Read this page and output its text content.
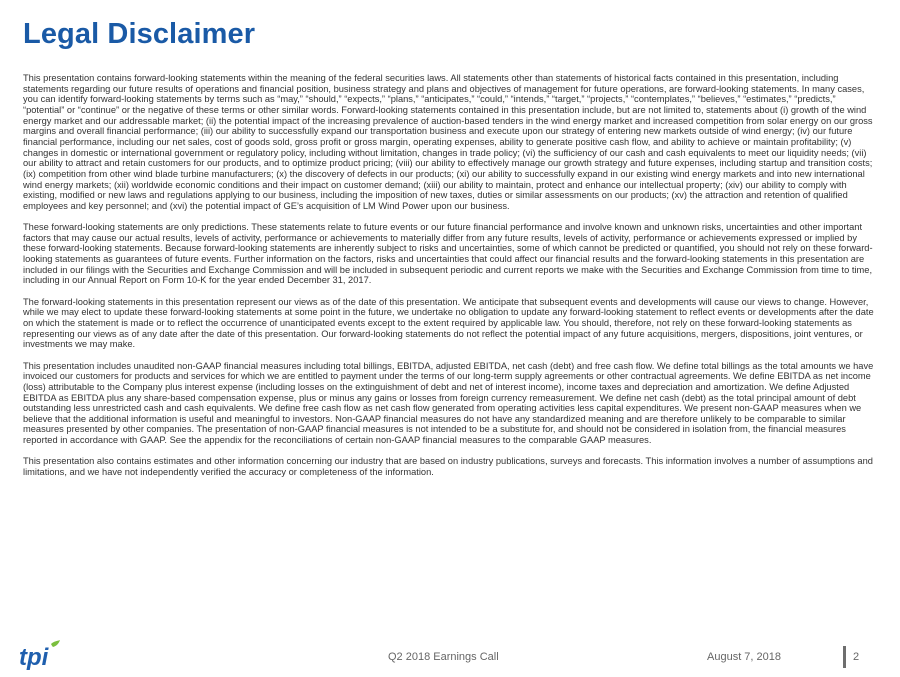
Legal Disclaimer

This presentation contains forward-looking statements within the meaning of the federal securities laws. All statements other than statements of historical facts contained in this presentation, including statements regarding our future results of operations and financial position, business strategy and plans and objectives of management for future operations, are forward-looking statements. In many cases, you can identify forward-looking statements by terms such as “may,” “should,” “expects,” “plans,” “anticipates,” “could,” “intends,” “target,” “projects,” “contemplates,” “believes,” “estimates,” “predicts,” “potential” or “continue” or the negative of these terms or other similar words. Forward-looking statements contained in this presentation include, but are not limited to, statements about (i) growth of the wind energy market and our addressable market; (ii) the potential impact of the increasing prevalence of auction-based tenders in the wind energy market and increased competition from solar energy on our gross margins and overall financial performance; (iii) our ability to successfully expand our transportation business and execute upon our strategy of entering new markets outside of wind energy; (iv) our future financial performance, including our net sales, cost of goods sold, gross profit or gross margin, operating expenses, ability to generate positive cash flow, and ability to achieve or maintain profitability; (v) changes in domestic or international government or regulatory policy, including without limitation, changes in trade policy; (vi) the sufficiency of our cash and cash equivalents to meet our liquidity needs; (vii) our ability to attract and retain customers for our products, and to optimize product pricing; (viii) our ability to effectively manage our growth strategy and future expenses, including startup and transition costs; (ix) competition from other wind blade turbine manufacturers; (x) the discovery of defects in our products; (xi) our ability to successfully expand in our existing wind energy markets and into new international wind energy markets; (xii) worldwide economic conditions and their impact on customer demand; (xiii) our ability to maintain, protect and enhance our intellectual property; (xiv) our ability to comply with existing, modified or new laws and regulations applying to our business, including the imposition of new taxes, duties or similar assessments on our products; (xv) the attraction and retention of qualified employees and key personnel; and (xvi) the potential impact of GE’s acquisition of LM Wind Power upon our business.

These forward-looking statements are only predictions. These statements relate to future events or our future financial performance and involve known and unknown risks, uncertainties and other important factors that may cause our actual results, levels of activity, performance or achievements to materially differ from any future results, levels of activity, performance or achievements expressed or implied by these forward-looking statements. Because forward-looking statements are inherently subject to risks and uncertainties, some of which cannot be predicted or quantified, you should not rely on these forward-looking statements as guarantees of future events. Further information on the factors, risks and uncertainties that could affect our financial results and the forward-looking statements in this presentation are included in our filings with the Securities and Exchange Commission and will be included in subsequent periodic and current reports we make with the Securities and Exchange Commission from time to time, including in our Annual Report on Form 10-K for the year ended December 31, 2017.

The forward-looking statements in this presentation represent our views as of the date of this presentation. We anticipate that subsequent events and developments will cause our views to change. However, while we may elect to update these forward-looking statements at some point in the future, we undertake no obligation to update any forward-looking statement to reflect events or developments after the date on which the statement is made or to reflect the occurrence of unanticipated events except to the extent required by applicable law. You should, therefore, not rely on these forward-looking statements as representing our views as of any date after the date of this presentation. Our forward-looking statements do not reflect the potential impact of any future acquisitions, mergers, dispositions, joint ventures, or investments we may make.

This presentation includes unaudited non-GAAP financial measures including total billings, EBITDA, adjusted EBITDA, net cash (debt) and free cash flow. We define total billings as the total amounts we have invoiced our customers for products and services for which we are entitled to payment under the terms of our long-term supply agreements or other contractual agreements. We define EBITDA as net income (loss) attributable to the Company plus interest expense (including losses on the extinguishment of debt and net of interest income), income taxes and depreciation and amortization. We define Adjusted EBITDA as EBITDA plus any share-based compensation expense, plus or minus any gains or losses from foreign currency remeasurement. We define net cash (debt) as the total principal amount of debt outstanding less unrestricted cash and cash equivalents. We define free cash flow as net cash flow generated from operating activities less capital expenditures. We present non-GAAP measures when we believe that the additional information is useful and meaningful to investors. Non-GAAP financial measures do not have any standardized meaning and are therefore unlikely to be comparable to similar measures presented by other companies. The presentation of non-GAAP financial measures is not intended to be a substitute for, and should not be considered in isolation from, the financial measures reported in accordance with GAAP. See the appendix for the reconciliations of certain non-GAAP financial measures to the comparable GAAP measures.

This presentation also contains estimates and other information concerning our industry that are based on industry publications, surveys and forecasts. This information involves a number of assumptions and limitations, and we have not independently verified the accuracy or completeness of the information.

tpi	Q2 2018 Earnings Call	August 7, 2018	2
